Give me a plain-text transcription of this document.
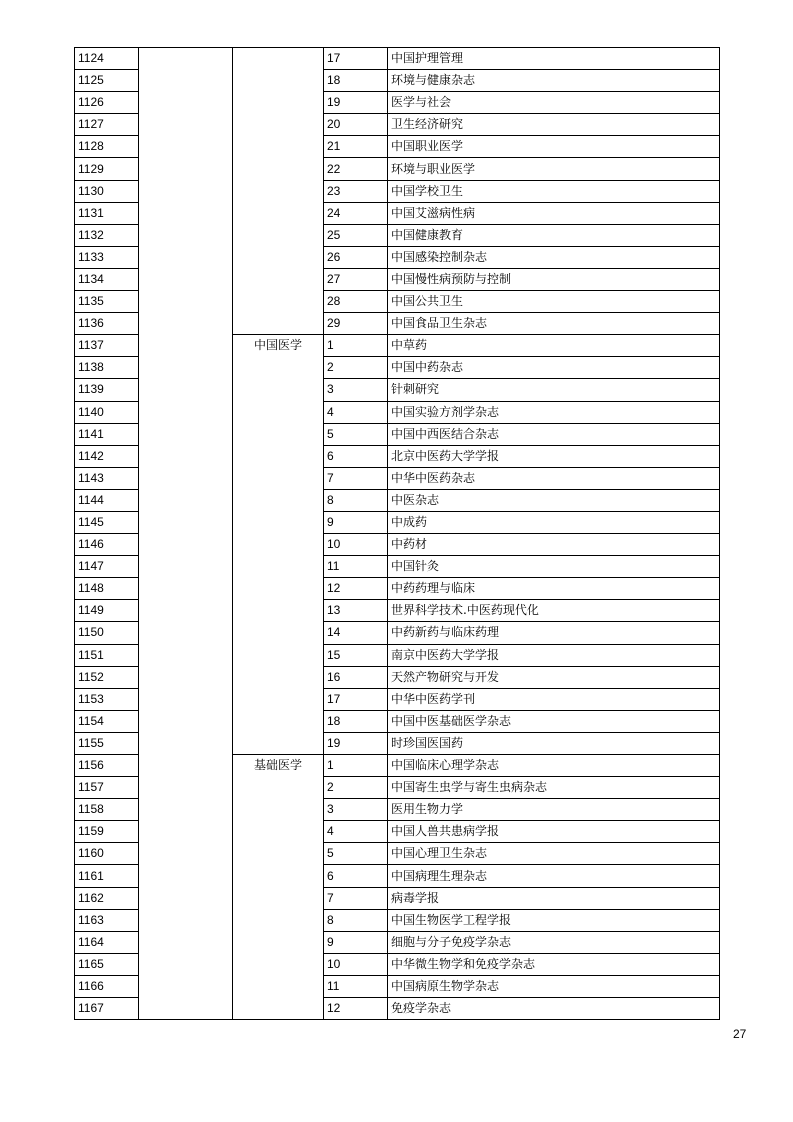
1124			17	中国护理管理
1125			18	环境与健康杂志
1126			19	医学与社会
1127			20	卫生经济研究
1128			21	中国职业医学
1129			22	环境与职业医学
1130			23	中国学校卫生
1131			24	中国艾滋病性病
1132			25	中国健康教育
1133			26	中国感染控制杂志
1134			27	中国慢性病预防与控制
1135			28	中国公共卫生
1136			29	中国食品卫生杂志
1137		中国医学	1	中草药
1138			2	中国中药杂志
1139			3	针刺研究
1140			4	中国实验方剂学杂志
1141			5	中国中西医结合杂志
1142			6	北京中医药大学学报
1143			7	中华中医药杂志
1144			8	中医杂志
1145			9	中成药
1146			10	中药材
1147			11	中国针灸
1148			12	中药药理与临床
1149			13	世界科学技术.中医药现代化
1150			14	中药新药与临床药理
1151			15	南京中医药大学学报
1152			16	天然产物研究与开发
1153			17	中华中医药学刊
1154			18	中国中医基础医学杂志
1155			19	时珍国医国药
1156		基础医学	1	中国临床心理学杂志
1157			2	中国寄生虫学与寄生虫病杂志
1158			3	医用生物力学
1159			4	中国人兽共患病学报
1160			5	中国心理卫生杂志
1161			6	中国病理生理杂志
1162			7	病毒学报
1163			8	中国生物医学工程学报
1164			9	细胞与分子免疫学杂志
1165			10	中华微生物学和免疫学杂志
1166			11	中国病原生物学杂志
1167			12	免疫学杂志
27
